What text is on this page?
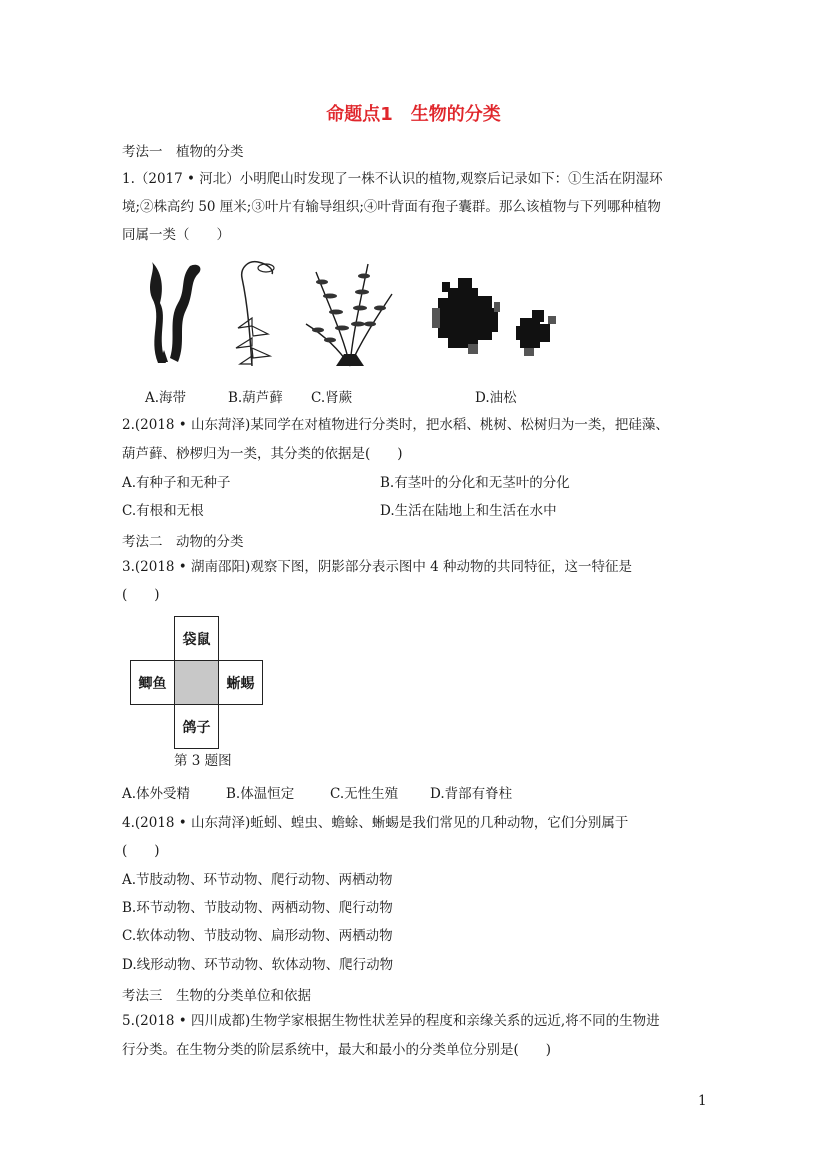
命题点1　生物的分类
考法一　植物的分类
1.（2017 • 河北）小明爬山时发现了一株不认识的植物,观察后记录如下：①生活在阴湿环
境;②株高约 50 厘米;③叶片有输导组织;④叶背面有孢子囊群。那么该植物与下列哪种植物
同属一类（　　）
A.海带	B.葫芦藓 C.肾蕨	D.油松
2.(2018 • 山东菏泽)某同学在对植物进行分类时，把水稻、桃树、松树归为一类，把硅藻、
葫芦藓、桫椤归为一类，其分类的依据是(　　)
A.有种子和无种子	B.有茎叶的分化和无茎叶的分化
C.有根和无根	D.生活在陆地上和生活在水中
考法二　动物的分类
3.(2018 • 湖南邵阳)观察下图，阴影部分表示图中 4 种动物的共同特征，这一特征是
(　　)
袋鼠
鲫鱼	蜥蜴
鸽子
第 3 题图
A.体外受精	B.体温恒定	C.无性生殖 D.背部有脊柱
4.(2018 • 山东菏泽)蚯蚓、蝗虫、蟾蜍、蜥蜴是我们常见的几种动物，它们分别属于
(　　)
A.节肢动物、环节动物、爬行动物、两栖动物
B.环节动物、节肢动物、两栖动物、爬行动物
C.软体动物、节肢动物、扁形动物、两栖动物
D.线形动物、环节动物、软体动物、爬行动物
考法三　生物的分类单位和依据
5.(2018 • 四川成都)生物学家根据生物性状差异的程度和亲缘关系的远近,将不同的生物进
行分类。在生物分类的阶层系统中，最大和最小的分类单位分别是(　　)
1
